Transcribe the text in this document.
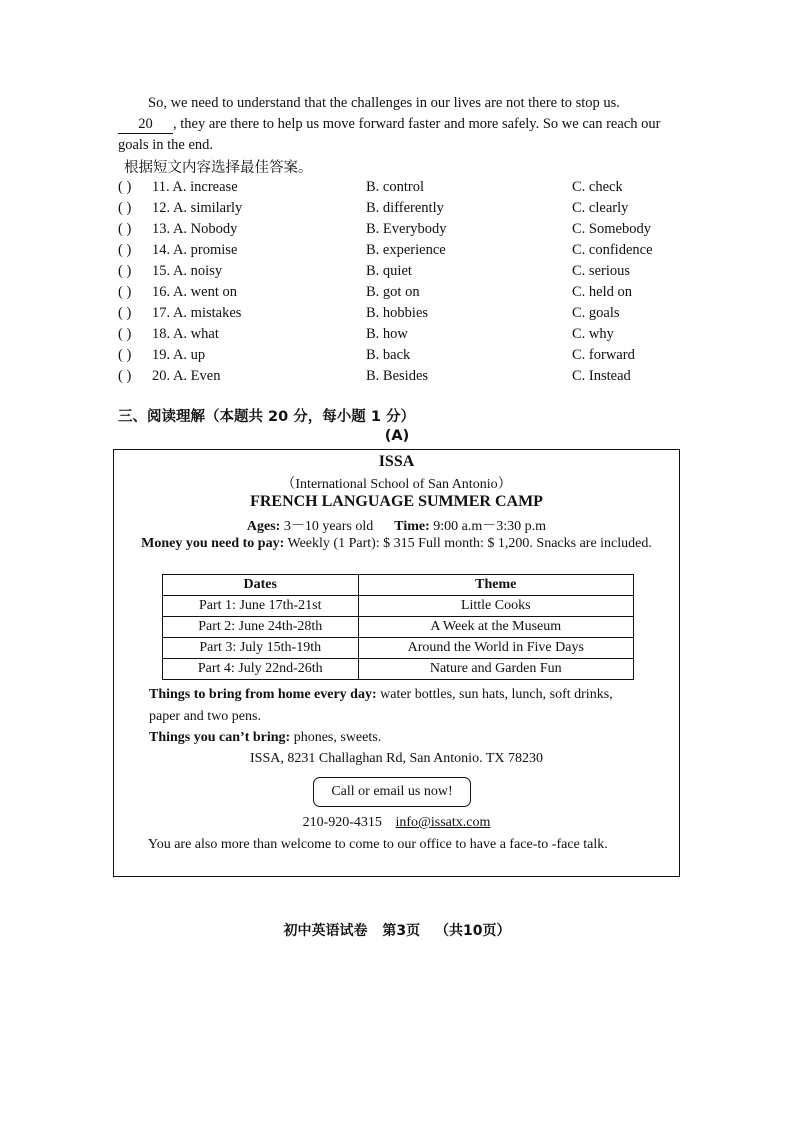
So, we need to understand that the challenges in our lives are not there to stop us.
20 , they are there to help us move forward faster and more safely. So we can reach our
goals in the end.
根据短文内容选择最佳答案。
( ) 11. A. increase	B. control	C. check
( ) 12. A. similarly	B. differently	C. clearly
( ) 13. A. Nobody	B. Everybody	C. Somebody
( ) 14. A. promise	B. experience	C. confidence
( ) 15. A. noisy	B. quiet	C. serious
( ) 16. A. went on	B. got on	C. held on
( ) 17. A. mistakes	B. hobbies	C. goals
( ) 18. A. what	B. how	C. why
( ) 19. A. up	B. back	C. forward
( ) 20. A. Even	B. Besides	C. Instead
三、阅读理解（本题共 20 分，每小题 1 分）
(A)
ISSA
（International School of San Antonio）
FRENCH LANGUAGE SUMMER CAMP
Ages: 3－10 years old Time: 9:00 a.m－3:30 p.m
Money you need to pay: Weekly (1 Part): $ 315 Full month: $ 1,200. Snacks are included.
Dates	Theme
Part 1: June 17th-21st	Little Cooks
Part 2: June 24th-28th	A Week at the Museum
Part 3: July 15th-19th	Around the World in Five Days
Part 4: July 22nd-26th	Nature and Garden Fun
Things to bring from home every day: water bottles, sun hats, lunch, soft drinks,
paper and two pens.
Things you can’t bring: phones, sweets.
ISSA, 8231 Challaghan Rd, San Antonio. TX 78230
Call or email us now!
210-920-4315 info@issatx.com
You are also more than welcome to come to our office to have a face-to -face talk.
初中英语试卷 第3页 （共10页）
